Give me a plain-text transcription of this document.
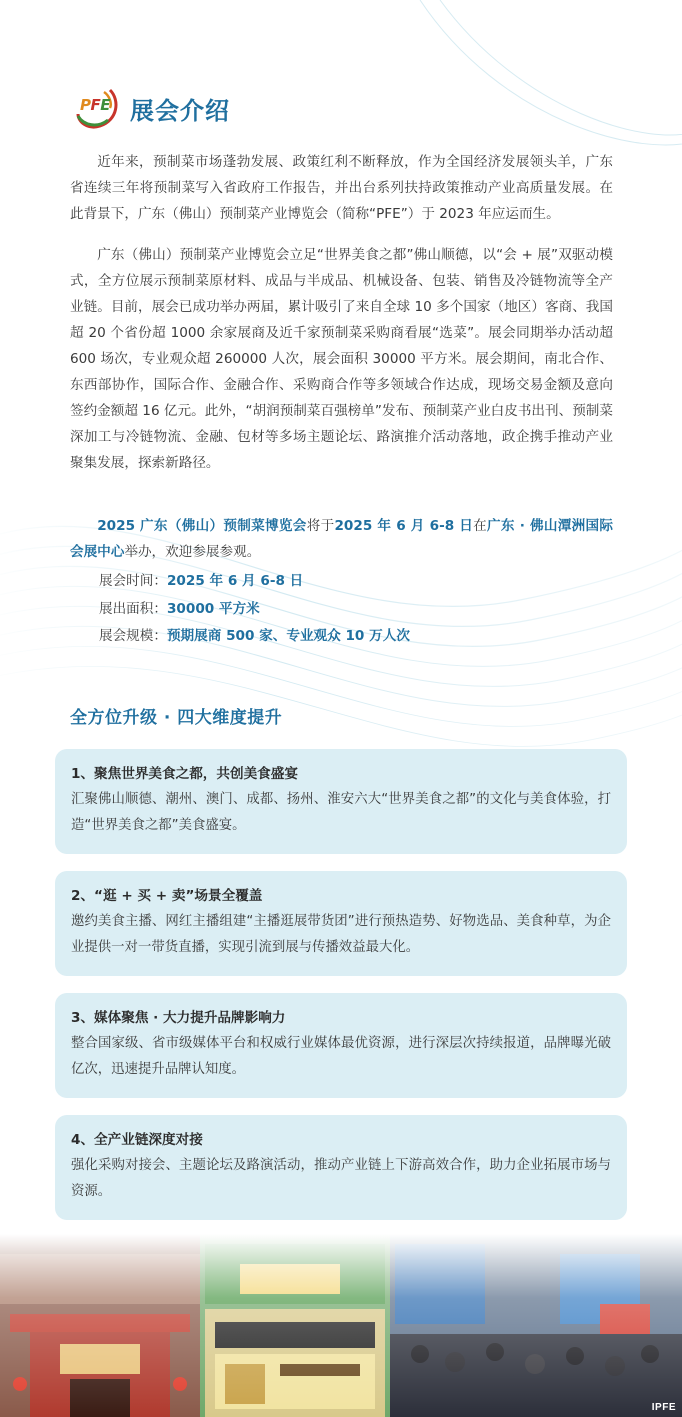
PFE 展会介绍

近年来，预制菜市场蓬勃发展、政策红利不断释放，作为全国经济发展领头羊，广东省连续三年将预制菜写入省政府工作报告，并出台系列扶持政策推动产业高质量发展。在此背景下，广东（佛山）预制菜产业博览会（简称“PFE”）于 2023 年应运而生。

广东（佛山）预制菜产业博览会立足“世界美食之都”佛山顺德，以“会 + 展”双驱动模式，全方位展示预制菜原材料、成品与半成品、机械设备、包装、销售及冷链物流等全产业链。目前，展会已成功举办两届，累计吸引了来自全球 10 多个国家（地区）客商、我国超 20 个省份超 1000 余家展商及近千家预制菜采购商看展“选菜”。展会同期举办活动超 600 场次，专业观众超 260000 人次，展会面积 30000 平方米。展会期间，南北合作、东西部协作，国际合作、金融合作、采购商合作等多领域合作达成，现场交易金额及意向签约金额超 16 亿元。此外，“胡润预制菜百强榜单”发布、预制菜产业白皮书出刊、预制菜深加工与冷链物流、金融、包材等多场主题论坛、路演推介活动落地，政企携手推动产业聚集发展，探索新路径。

2025 广东（佛山）预制菜博览会将于2025 年 6 月 6-8 日在广东 · 佛山潭洲国际会展中心举办，欢迎参展参观。

展会时间：2025 年 6 月 6-8 日
展出面积：30000 平方米
展会规模：预期展商 500 家、专业观众 10 万人次
全方位升级 · 四大维度提升
1、聚焦世界美食之都，共创美食盛宴
汇聚佛山顺德、潮州、澳门、成都、扬州、淮安六大“世界美食之都”的文化与美食体验，打造“世界美食之都”美食盛宴。
2、“逛 + 买 + 卖”场景全覆盖
邀约美食主播、网红主播组建“主播逛展带货团”进行预热造势、好物选品、美食种草，为企业提供一对一带货直播，实现引流到展与传播效益最大化。
3、媒体聚焦 · 大力提升品牌影响力
整合国家级、省市级媒体平台和权威行业媒体最优资源，进行深层次持续报道，品牌曝光破亿次，迅速提升品牌认知度。
4、全产业链深度对接
强化采购对接会、主题论坛及路演活动，推动产业链上下游高效合作，助力企业拓展市场与资源。
IPFE
